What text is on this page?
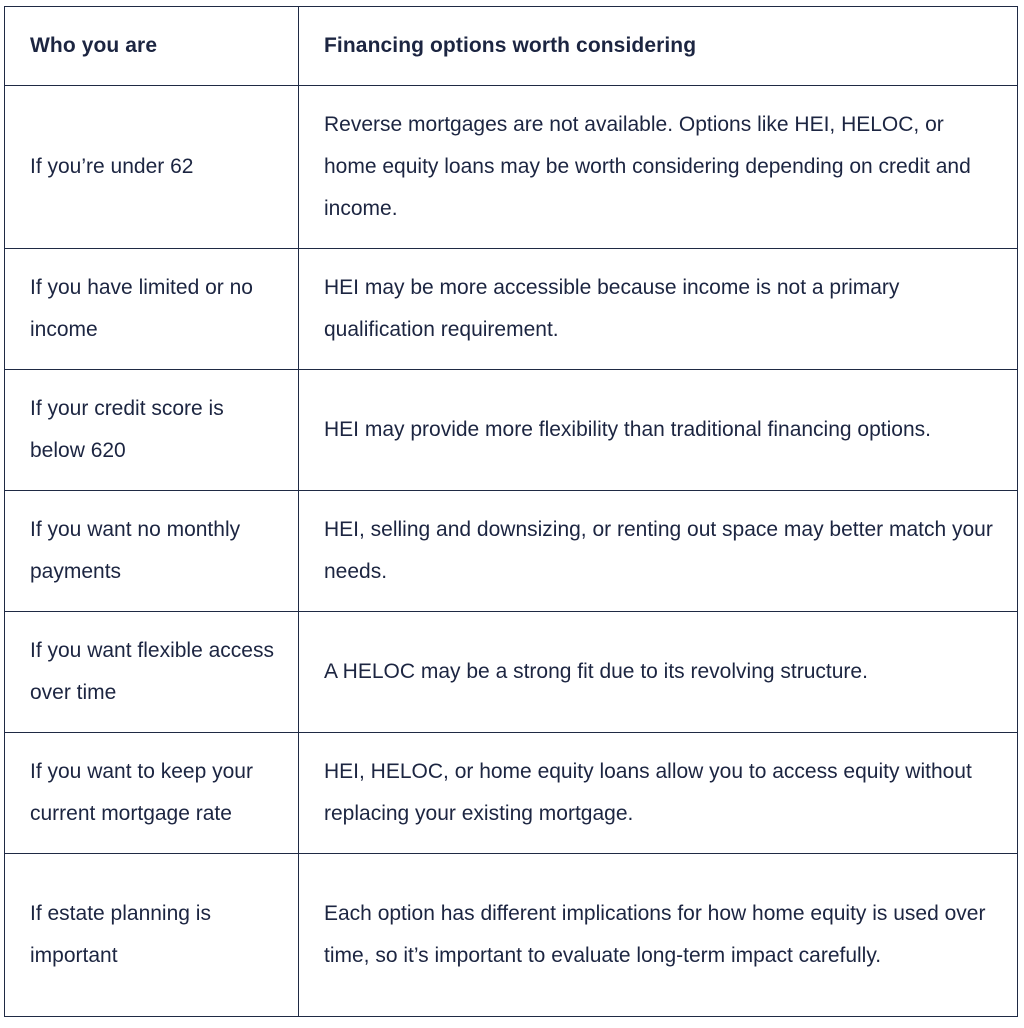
Who you are	Financing options worth considering
If you’re under 62	Reverse mortgages are not available. Options like HEI, HELOC, or home equity loans may be worth considering depending on credit and income.
If you have limited or no income	HEI may be more accessible because income is not a primary qualification requirement.
If your credit score is below 620	HEI may provide more flexibility than traditional financing options.
If you want no monthly payments	HEI, selling and downsizing, or renting out space may better match your needs.
If you want flexible access over time	A HELOC may be a strong fit due to its revolving structure.
If you want to keep your current mortgage rate	HEI, HELOC, or home equity loans allow you to access equity without replacing your existing mortgage.
If estate planning is important	Each option has different implications for how home equity is used over time, so it’s important to evaluate long-term impact carefully.
